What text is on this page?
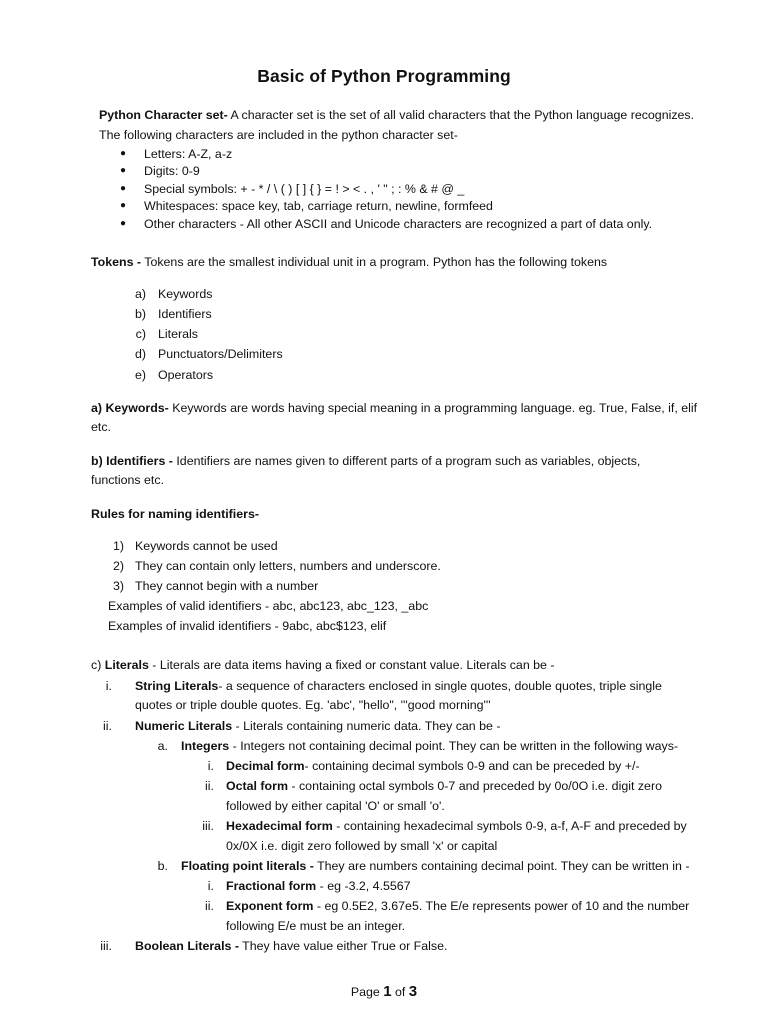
Basic of Python Programming
Python Character set- A character set is the set of all valid characters that the Python language recognizes.
The following characters are included in the python character set-
● Letters: A-Z, a-z
● Digits: 0-9
● Special symbols: + - * / \ ( ) [ ] { } = ! > < . , ' " ; : % & # @ _
● Whitespaces: space key, tab, carriage return, newline, formfeed
● Other characters - All other ASCII and Unicode characters are recognized a part of data only.
Tokens - Tokens are the smallest individual unit in a program. Python has the following tokens
a) Keywords
b) Identifiers
c) Literals
d) Punctuators/Delimiters
e) Operators
a) Keywords- Keywords are words having special meaning in a programming language. eg. True, False, if, elif
etc.
b) Identifiers - Identifiers are names given to different parts of a program such as variables, objects,
functions etc.
Rules for naming identifiers-
1) Keywords cannot be used
2) They can contain only letters, numbers and underscore.
3) They cannot begin with a number
Examples of valid identifiers - abc, abc123, abc_123, _abc
Examples of invalid identifiers - 9abc, abc$123, elif
c) Literals - Literals are data items having a fixed or constant value. Literals can be -
i. String Literals- a sequence of characters enclosed in single quotes, double quotes, triple single
quotes or triple double quotes. Eg. 'abc', "hello", '''good morning'''
ii. Numeric Literals - Literals containing numeric data. They can be -
a. Integers - Integers not containing decimal point. They can be written in the following ways-
i. Decimal form- containing decimal symbols 0-9 and can be preceded by +/-
ii. Octal form - containing octal symbols 0-7 and preceded by 0o/0O i.e. digit zero
followed by either capital 'O' or small 'o'.
iii. Hexadecimal form - containing hexadecimal symbols 0-9, a-f, A-F and preceded by
0x/0X i.e. digit zero followed by small 'x' or capital
b. Floating point literals - They are numbers containing decimal point. They can be written in -
i. Fractional form - eg -3.2, 4.5567
ii. Exponent form - eg 0.5E2, 3.67e5. The E/e represents power of 10 and the number
following E/e must be an integer.
iii. Boolean Literals - They have value either True or False.
Page 1 of 3
